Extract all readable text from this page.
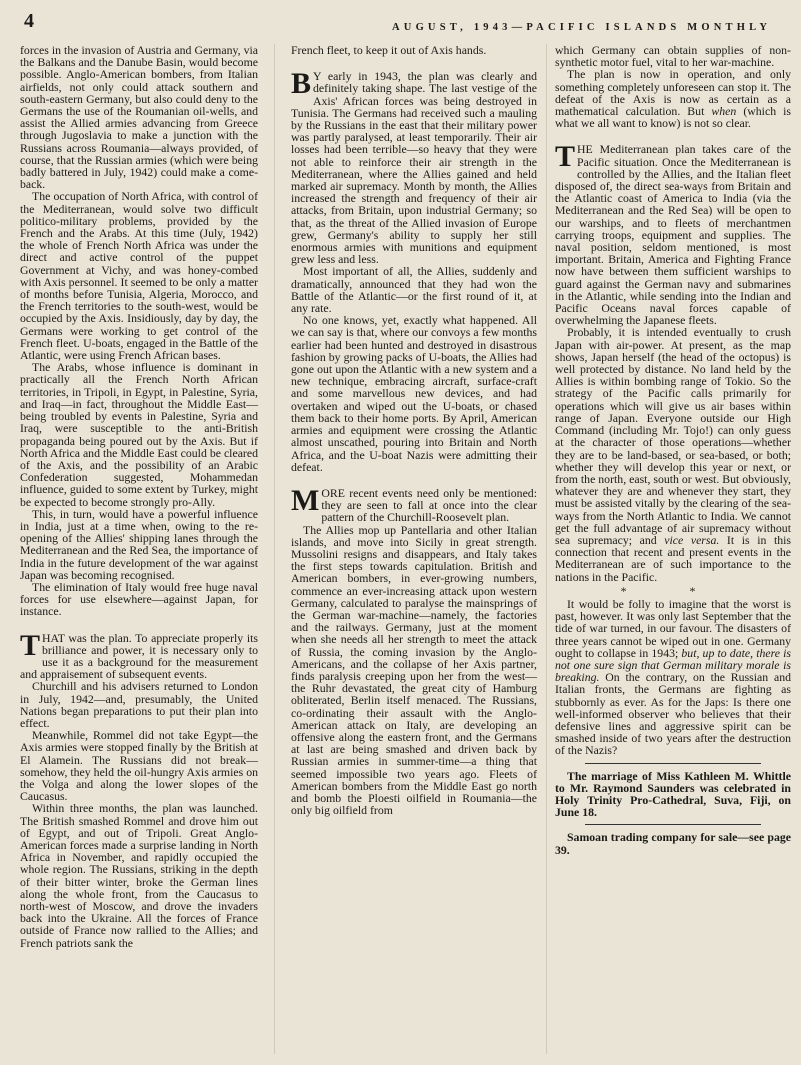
4	AUGUST, 1943—PACIFIC ISLANDS MONTHLY

forces in the invasion of Austria and Germany, via the Balkans and the Danube Basin, would become possible. Anglo-American bombers, from Italian airfields, not only could attack southern and south-eastern Germany, but also could deny to the Germans the use of the Roumanian oil-wells, and assist the Allied armies advancing from Greece through Jugoslavia to make a junction with the Russians across Roumania—always provided, of course, that the Russian armies (which were being badly battered in July, 1942) could make a come-back.

The occupation of North Africa, with control of the Mediterranean, would solve two difficult politico-military problems, provided by the French and the Arabs. At this time (July, 1942) the whole of French North Africa was under the direct and active control of the puppet Government at Vichy, and was honey-combed with Axis personnel. It seemed to be only a matter of months before Tunisia, Algeria, Morocco, and the French territories to the south-west, would be occupied by the Axis. Insidiously, day by day, the Germans were working to get control of the French fleet. U-boats, engaged in the Battle of the Atlantic, were using French African bases.

The Arabs, whose influence is dominant in practically all the French North African territories, in Tripoli, in Egypt, in Palestine, Syria, and Iraq—in fact, throughout the Middle East—being troubled by events in Palestine, Syria and Iraq, were susceptible to the anti-British propaganda being poured out by the Axis. But if North Africa and the Middle East could be cleared of the Axis, and the possibility of an Arabic Confederation suggested, Mohammedan influence, guided to some extent by Turkey, might be expected to become strongly pro-Ally.

This, in turn, would have a powerful influence in India, just at a time when, owing to the re-opening of the Allies' shipping lanes through the Mediterranean and the Red Sea, the importance of India in the future development of the war against Japan was becoming recognised.

The elimination of Italy would free huge naval forces for use elsewhere—against Japan, for instance.

THAT was the plan. To appreciate properly its brilliance and power, it is necessary only to use it as a background for the measurement and appraisement of subsequent events.

Churchill and his advisers returned to London in July, 1942—and, presumably, the United Nations began preparations to put their plan into effect.

Meanwhile, Rommel did not take Egypt—the Axis armies were stopped finally by the British at El Alamein. The Russians did not break—somehow, they held the oil-hungry Axis armies on the Volga and along the lower slopes of the Caucasus.

Within three months, the plan was launched. The British smashed Rommel and drove him out of Egypt, and out of Tripoli. Great Anglo-American forces made a surprise landing in North Africa in November, and rapidly occupied the whole region. The Russians, striking in the depth of their bitter winter, broke the German lines along the whole front, from the Caucasus to north-west of Moscow, and drove the invaders back into the Ukraine. All the forces of France outside of France now rallied to the Allies; and French patriots sank the

French fleet, to keep it out of Axis hands.

B Y early in 1943, the plan was clearly and definitely taking shape. The last vestige of the Axis' African forces was being destroyed in Tunisia. The Germans had received such a mauling by the Russians in the east that their military power was partly paralysed, at least temporarily. Their air losses had been terrible—so heavy that they were not able to reinforce their air strength in the Mediterranean, where the Allies gained and held marked air supremacy. Month by month, the Allies increased the strength and frequency of their air attacks, from Britain, upon industrial Germany; so that, as the threat of the Allied invasion of Europe grew, Germany's ability to supply her still enormous armies with munitions and equipment grew less and less.

Most important of all, the Allies, suddenly and dramatically, announced that they had won the Battle of the Atlantic—or the first round of it, at any rate.

No one knows, yet, exactly what happened. All we can say is that, where our convoys a few months earlier had been hunted and destroyed in disastrous fashion by growing packs of U-boats, the Allies had gone out upon the Atlantic with a new system and a new technique, embracing aircraft, surface-craft and some marvellous new devices, and had overtaken and wiped out the U-boats, or chased them back to their home ports. By April, American armies and equipment were crossing the Atlantic almost unscathed, pouring into Britain and North Africa, and the U-boat Nazis were admitting their defeat.

MORE recent events need only be mentioned: they are seen to fall at once into the clear pattern of the Churchill-Roosevelt plan.

The Allies mop up Pantellaria and other Italian islands, and move into Sicily in great strength. Mussolini resigns and disappears, and Italy takes the first steps towards capitulation. British and American bombers, in ever-growing numbers, commence an ever-increasing attack upon western Germany, calculated to paralyse the mainsprings of the German war-machine—namely, the factories and the railways. Germany, just at the moment when she needs all her strength to meet the attack of Russia, the coming invasion by the Anglo-Americans, and the collapse of her Axis partner, finds paralysis creeping upon her from the west—the Ruhr devastated, the great city of Hamburg obliterated, Berlin itself menaced. The Russians, co-ordinating their assault with the Anglo-American attack on Italy, are developing an offensive along the eastern front, and the Germans at last are being smashed and driven back by Russian armies in summer-time—a thing that seemed impossible two years ago. Fleets of American bombers from the Middle East go north and bomb the Ploesti oilfield in Roumania—the only big oilfield from

which Germany can obtain supplies of non-synthetic motor fuel, vital to her war-machine.

The plan is now in operation, and only something completely unforeseen can stop it. The defeat of the Axis is now as certain as a mathematical calculation. But when (which is what we all want to know) is not so clear.

THE Mediterranean plan takes care of the Pacific situation. Once the Mediterranean is controlled by the Allies, and the Italian fleet disposed of, the direct sea-ways from Britain and the Atlantic coast of America to India (via the Mediterranean and the Red Sea) will be open to our warships, and to fleets of merchantmen carrying troops, equipment and supplies. The naval position, seldom mentioned, is most important. Britain, America and Fighting France now have between them sufficient warships to guard against the German navy and submarines in the Atlantic, while sending into the Indian and Pacific Oceans naval forces capable of overwhelming the Japanese fleets.

Probably, it is intended eventually to crush Japan with air-power. At present, as the map shows, Japan herself (the head of the octopus) is well protected by distance. No land held by the Allies is within bombing range of Tokio. So the strategy of the Pacific calls primarily for operations which will give us air bases within range of Japan. Everyone outside our High Command (including Mr. Tojo!) can only guess at the character of those operations—whether they are to be land-based, or sea-based, or both; whether they will develop this year or next, or from the north, east, south or west. But obviously, whatever they are and whenever they start, they must be assisted vitally by the clearing of the sea-ways from the North Atlantic to India. We cannot get the full advantage of air supremacy without sea supremacy; and vice versa. It is in this connection that recent and present events in the Mediterranean are of such importance to the nations in the Pacific.

* *

It would be folly to imagine that the worst is past, however. It was only last September that the tide of war turned, in our favour. The disasters of three years cannot be wiped out in one. Germany ought to collapse in 1943; but, up to date, there is not one sure sign that German military morale is breaking. On the contrary, on the Russian and Italian fronts, the Germans are fighting as stubbornly as ever. As for the Japs: Is there one well-informed observer who believes that their defensive lines and aggressive spirit can be smashed inside of two years after the destruction of the Nazis?

The marriage of Miss Kathleen M. Whittle to Mr. Raymond Saunders was celebrated in Holy Trinity Pro-Cathedral, Suva, Fiji, on June 18.

Samoan trading company for sale—see page 39.
